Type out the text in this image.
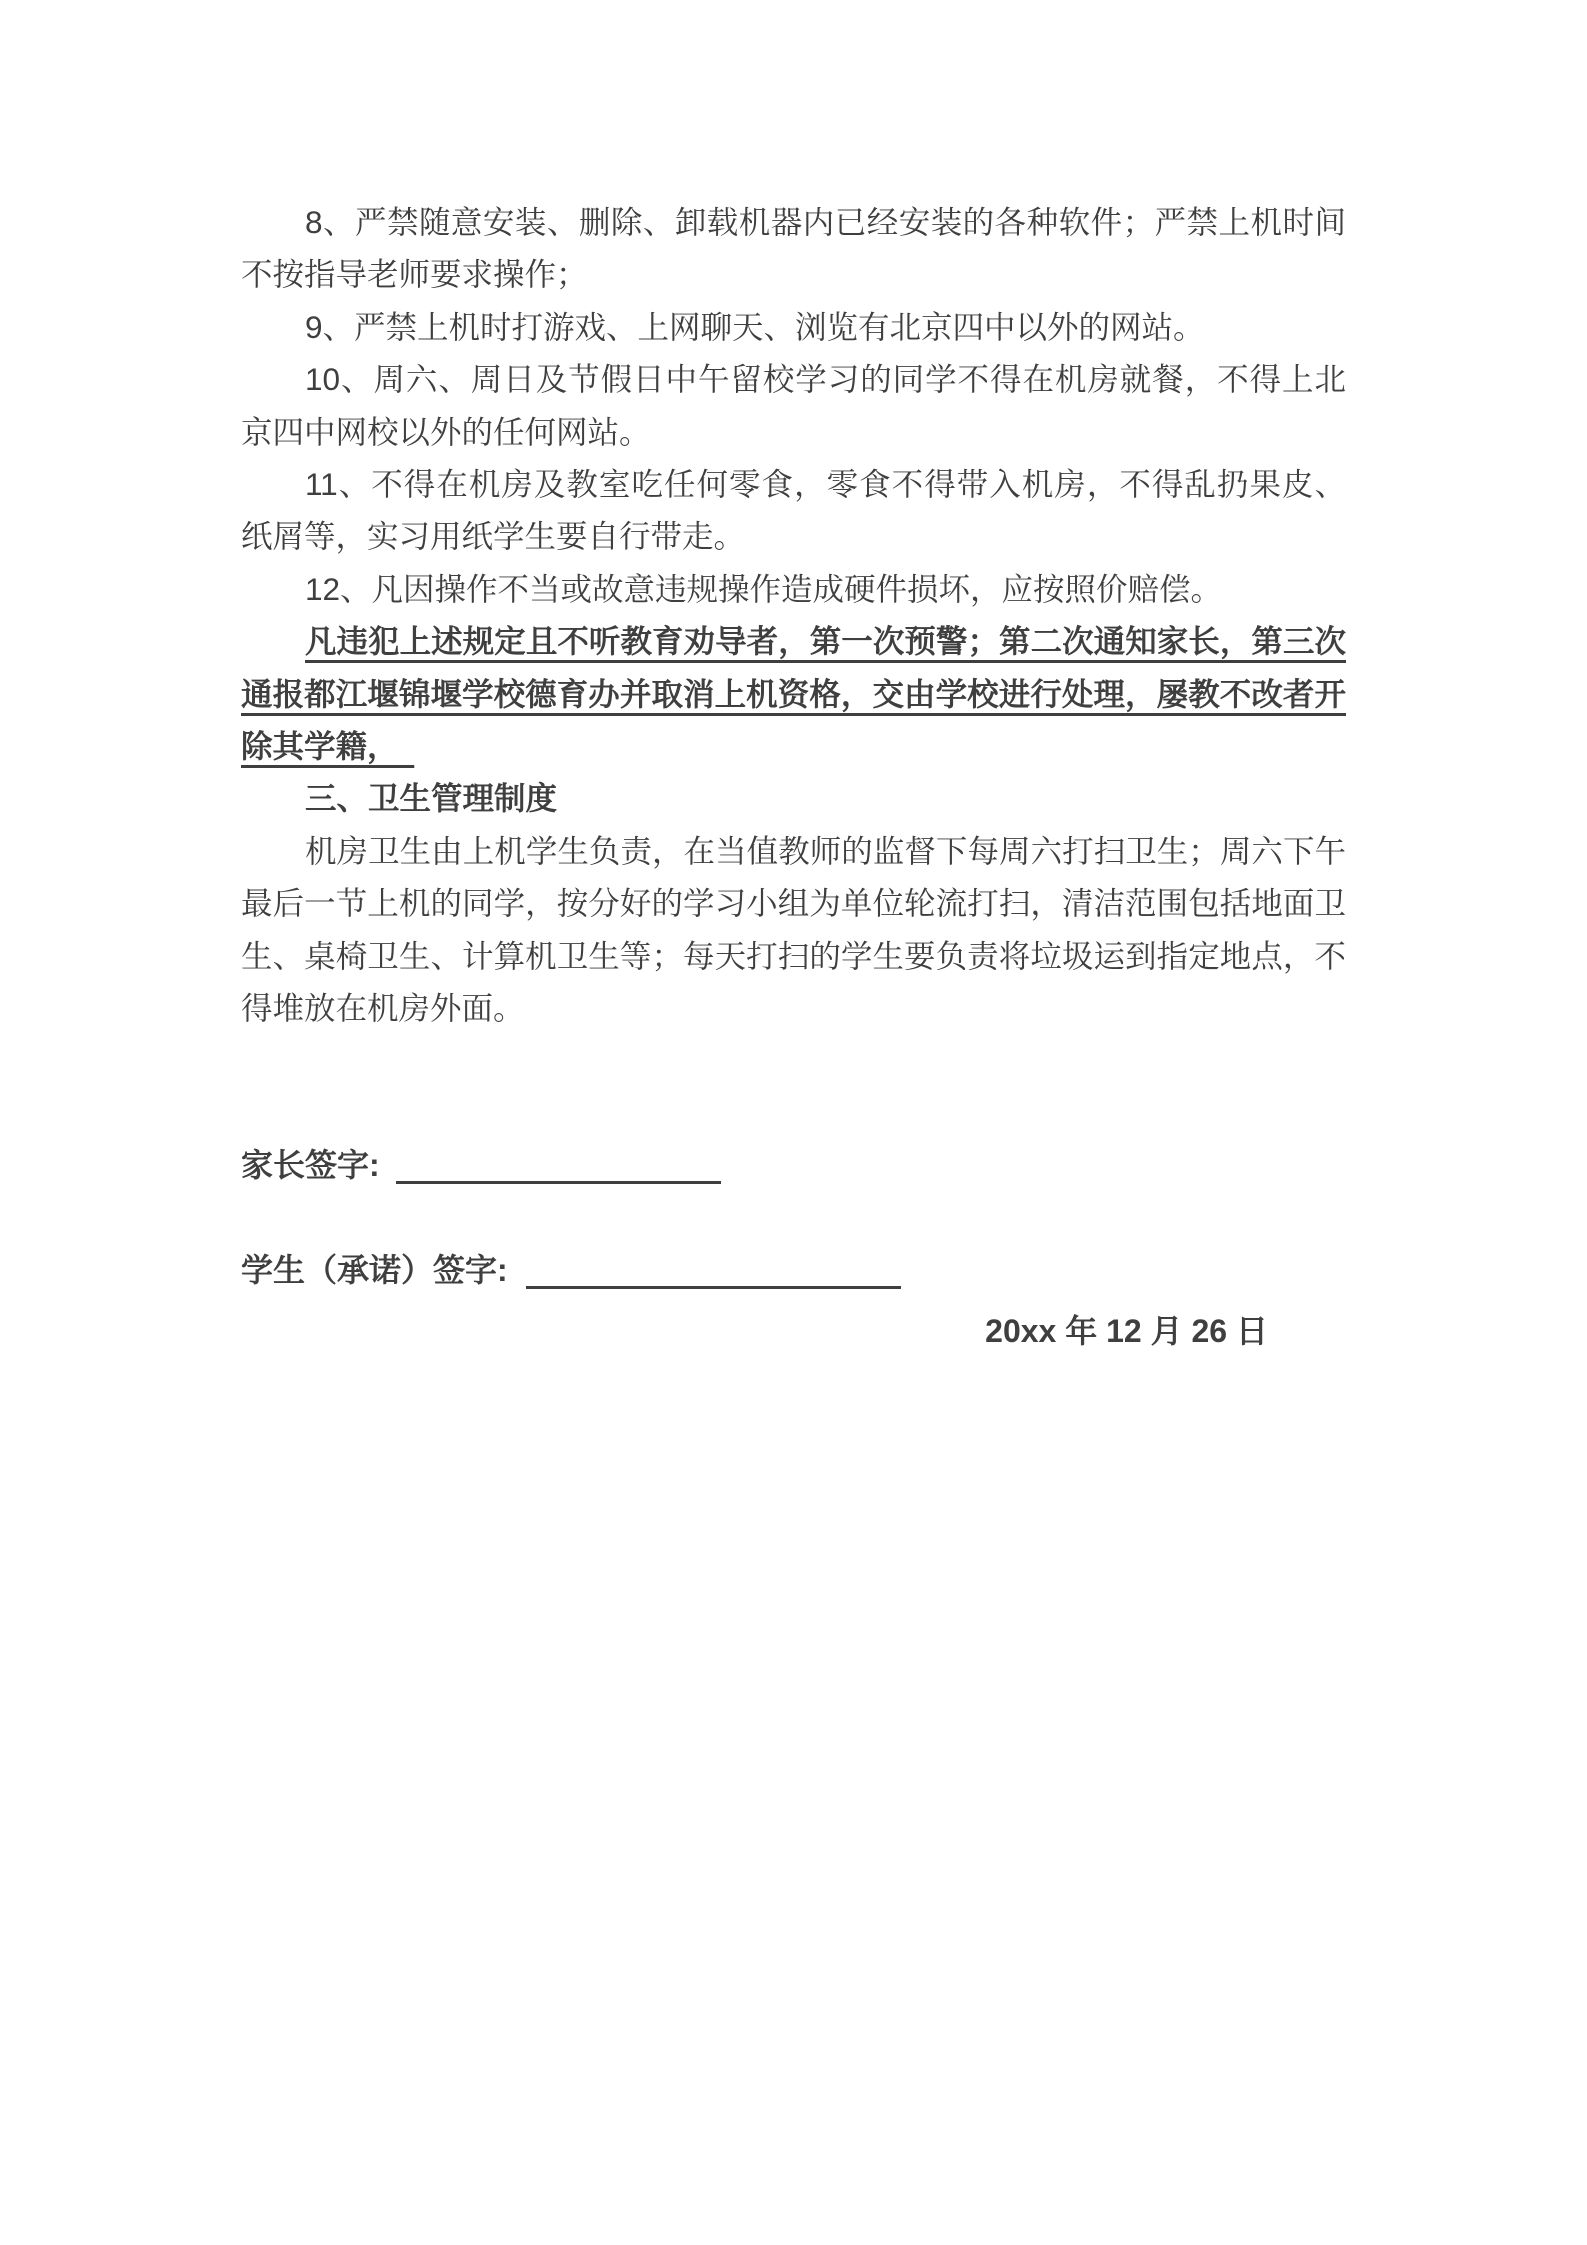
8、严禁随意安装、删除、卸载机器内已经安装的各种软件；严禁上机时间
不按指导老师要求操作；
9、严禁上机时打游戏、上网聊天、浏览有北京四中以外的网站。
10、周六、周日及节假日中午留校学习的同学不得在机房就餐，不得上北
京四中网校以外的任何网站。
11、不得在机房及教室吃任何零食，零食不得带入机房，不得乱扔果皮、
纸屑等，实习用纸学生要自行带走。
12、凡因操作不当或故意违规操作造成硬件损坏，应按照价赔偿。
凡违犯上述规定且不听教育劝导者，第一次预警；第二次通知家长，第三次
通报都江堰锦堰学校德育办并取消上机资格，交由学校进行处理，屡教不改者开
除其学籍，　
三、卫生管理制度
机房卫生由上机学生负责，在当值教师的监督下每周六打扫卫生；周六下午
最后一节上机的同学，按分好的学习小组为单位轮流打扫，清洁范围包括地面卫
生、桌椅卫生、计算机卫生等；每天打扫的学生要负责将垃圾运到指定地点，不
得堆放在机房外面。
家长签字:
学生（承诺）签字:
20xx 年 12 月 26 日
